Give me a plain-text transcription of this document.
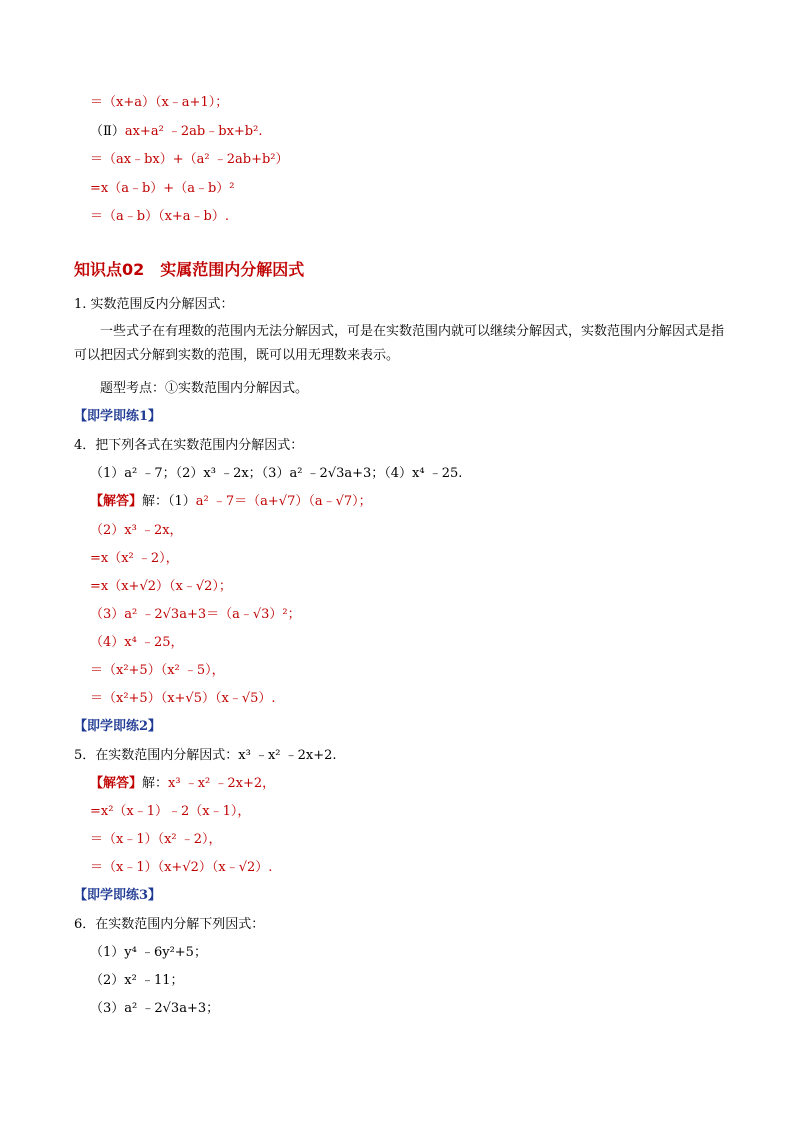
＝（x+a）（x﹣a+1）；
（Ⅱ）ax+a² ﹣2ab﹣bx+b².
＝（ax﹣bx）+（a² ﹣2ab+b²）
=x（a﹣b）+（a﹣b）²
＝（a﹣b）（x+a﹣b）.
知识点02　实属范围内分解因式
1. 实数范围反内分解因式：
一些式子在有理数的范围内无法分解因式，可是在实数范围内就可以继续分解因式，实数范围内分解因式是指可以把因式分解到实数的范围，既可以用无理数来表示。
题型考点：①实数范围内分解因式。
【即学即练1】
4．把下列各式在实数范围内分解因式：
（1）a² ﹣7；（2）x³ ﹣2x；（3）a² ﹣2√3a+3；（4）x⁴ ﹣25.
【解答】解：（1）a² ﹣7＝（a+√7）（a﹣√7）；
（2）x³ ﹣2x，
=x（x² ﹣2），
=x（x+√2）（x﹣√2）；
（3）a² ﹣2√3a+3＝（a﹣√3）²；
（4）x⁴ ﹣25，
＝（x²+5）（x² ﹣5），
＝（x²+5）（x+√5）（x﹣√5）.
【即学即练2】
5．在实数范围内分解因式：x³ ﹣x² ﹣2x+2.
【解答】解：x³ ﹣x² ﹣2x+2，
=x²（x﹣1）﹣2（x﹣1），
＝（x﹣1）（x² ﹣2），
＝（x﹣1）（x+√2）（x﹣√2）.
【即学即练3】
6．在实数范围内分解下列因式：
（1）y⁴ ﹣6y²+5；
（2）x² ﹣11；
（3）a² ﹣2√3a+3；
